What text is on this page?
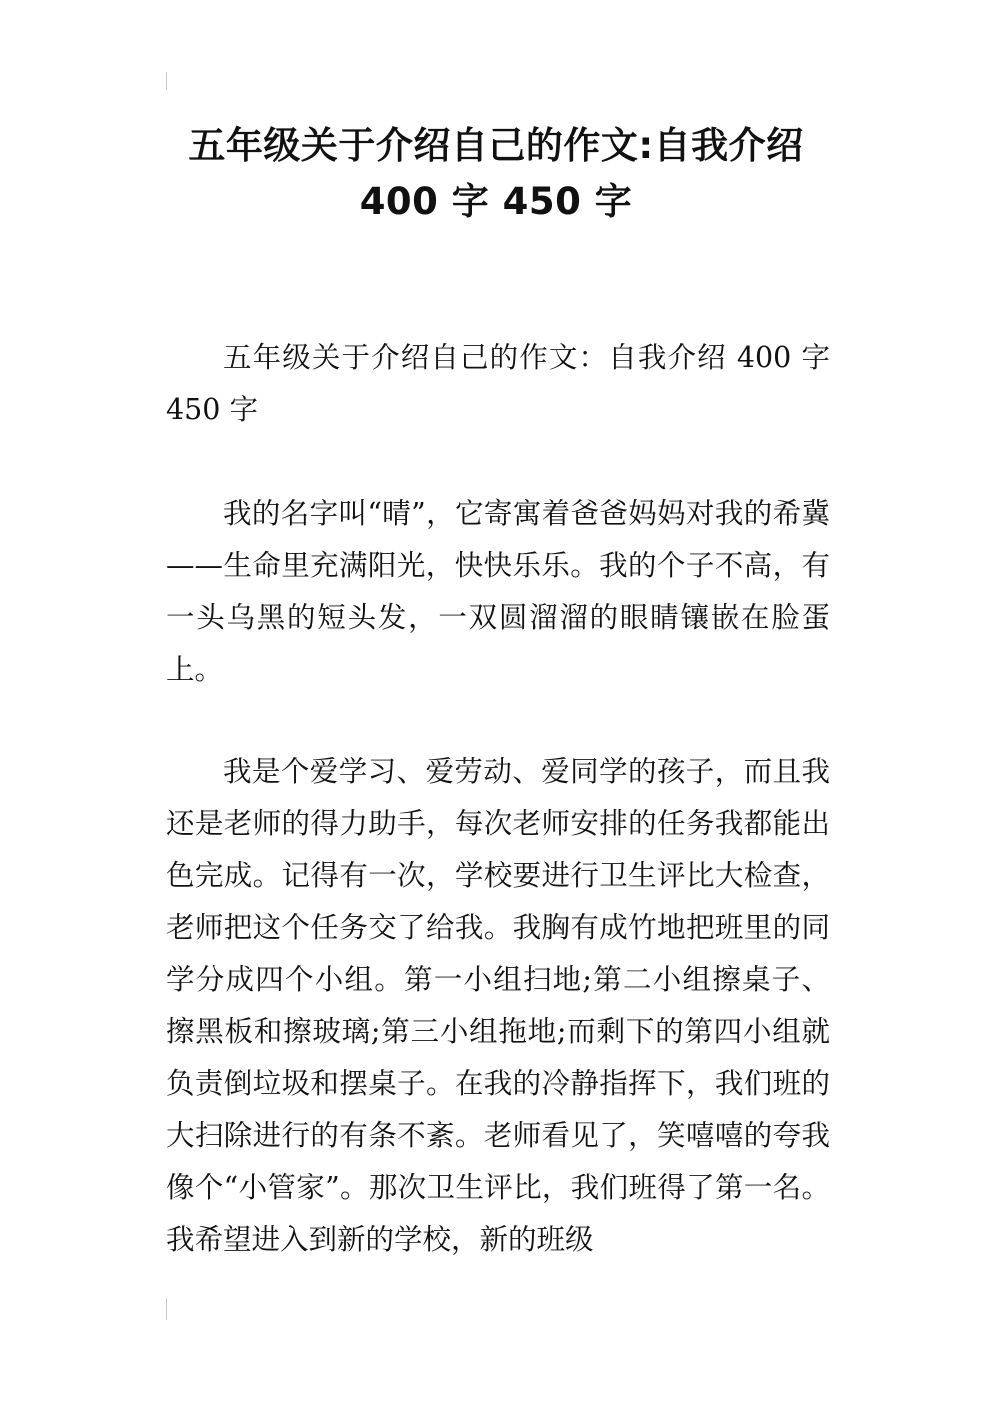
五年级关于介绍自己的作文:自我介绍
400 字 450 字

五年级关于介绍自己的作文：自我介绍 400 字 450 字

我的名字叫“晴”，它寄寓着爸爸妈妈对我的希冀——生命里充满阳光，快快乐乐。我的个子不高，有一头乌黑的短头发，一双圆溜溜的眼睛镶嵌在脸蛋上。

我是个爱学习、爱劳动、爱同学的孩子，而且我还是老师的得力助手，每次老师安排的任务我都能出色完成。记得有一次，学校要进行卫生评比大检查，老师把这个任务交了给我。我胸有成竹地把班里的同学分成四个小组。第一小组扫地;第二小组擦桌子、擦黑板和擦玻璃;第三小组拖地;而剩下的第四小组就负责倒垃圾和摆桌子。在我的冷静指挥下，我们班的大扫除进行的有条不紊。老师看见了，笑嘻嘻的夸我像个“小管家”。那次卫生评比，我们班得了第一名。我希望进入到新的学校，新的班级
